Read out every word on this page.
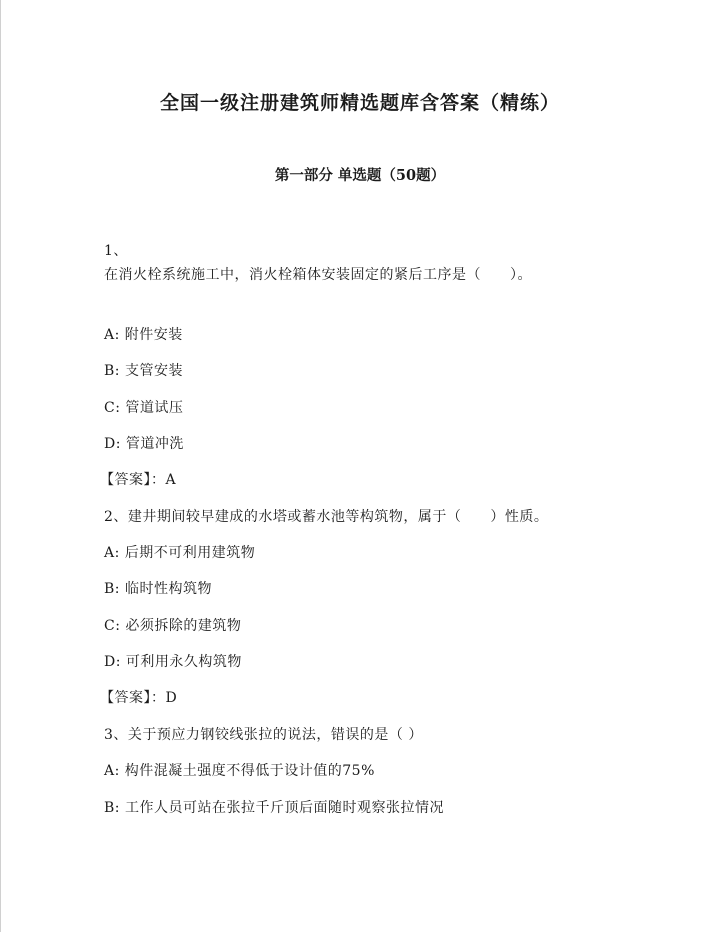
全国一级注册建筑师精选题库含答案（精练）
第一部分 单选题（50题）
1、
在消火栓系统施工中，消火栓箱体安装固定的紧后工序是（　　）。
A: 附件安装
B: 支管安装
C: 管道试压
D: 管道冲洗
【答案】：A
2、建井期间较早建成的水塔或蓄水池等构筑物，属于（　　）性质。
A: 后期不可利用建筑物
B: 临时性构筑物
C: 必须拆除的建筑物
D: 可利用永久构筑物
【答案】：D
3、关于预应力钢铰线张拉的说法，错误的是（ ）
A: 构件混凝土强度不得低于设计值的75%
B: 工作人员可站在张拉千斤顶后面随时观察张拉情况
